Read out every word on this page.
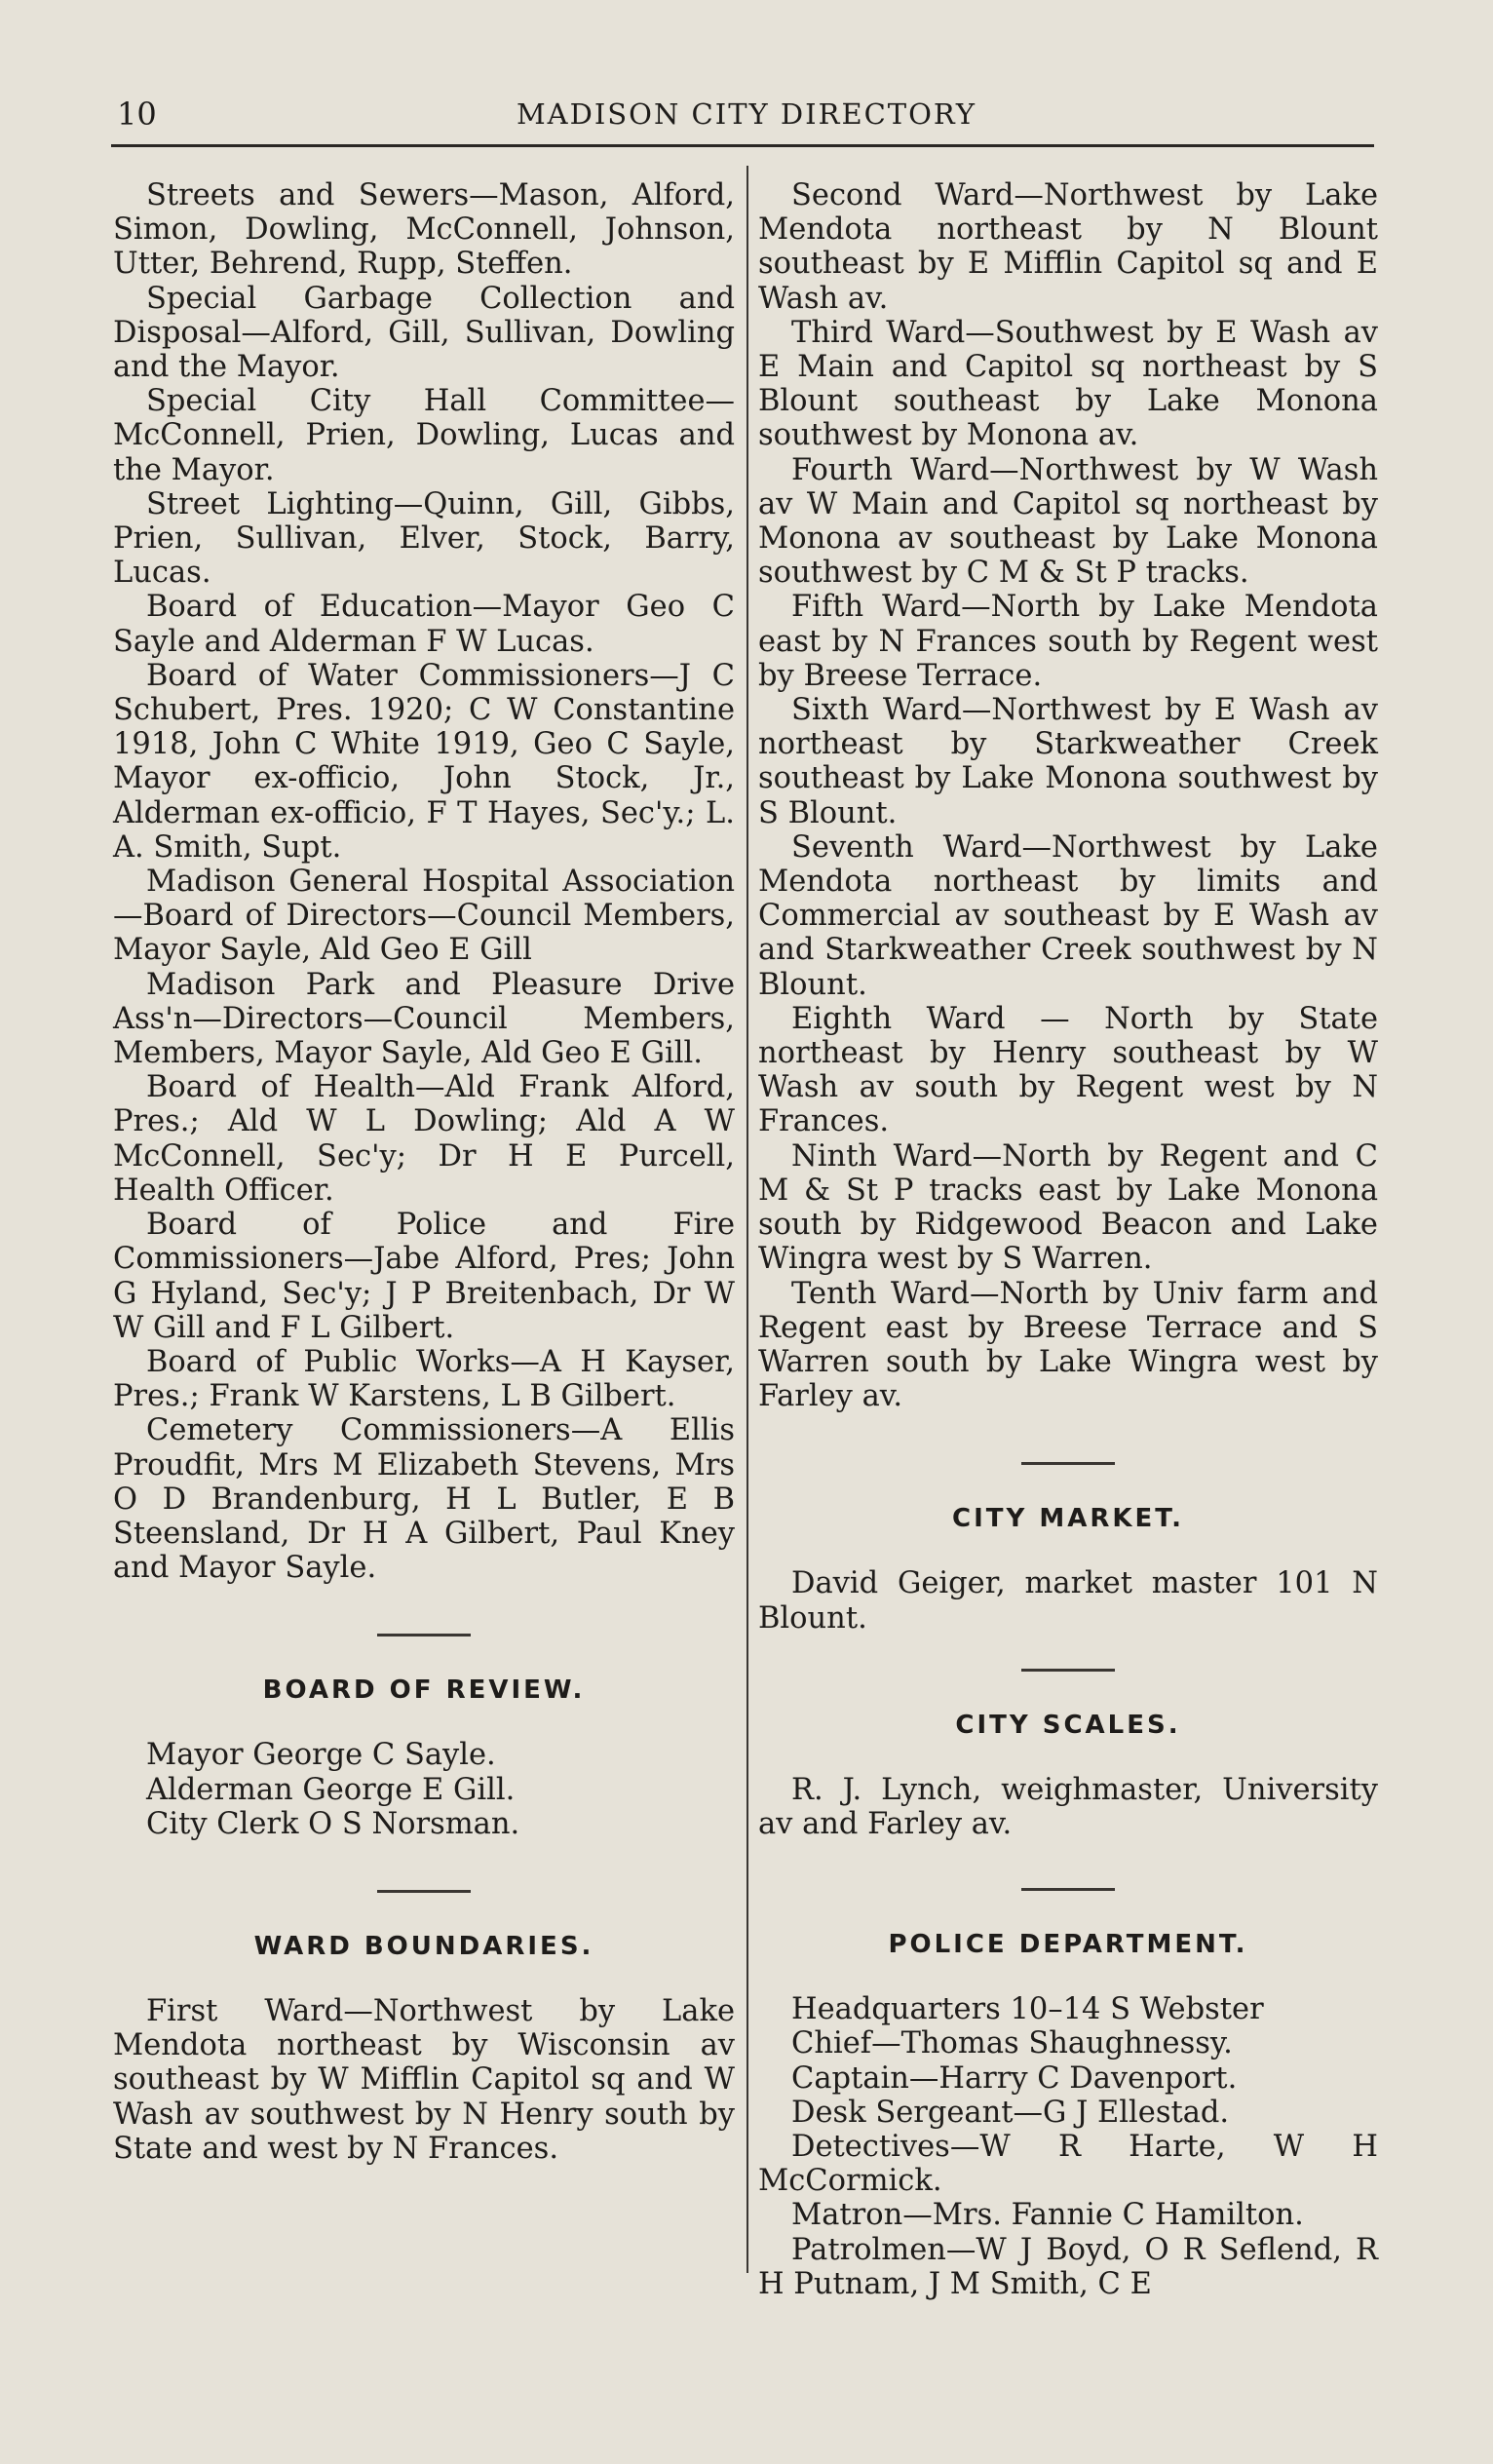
10	MADISON CITY DIRECTORY

Streets and Sewers—Mason, Alford, Simon, Dowling, McConnell, Johnson, Utter, Behrend, Rupp, Steffen.

Special Garbage Collection and Disposal—Alford, Gill, Sullivan, Dowling and the Mayor.

Special City Hall Committee—McConnell, Prien, Dowling, Lucas and the Mayor.

Street Lighting—Quinn, Gill, Gibbs, Prien, Sullivan, Elver, Stock, Barry, Lucas.

Board of Education—Mayor Geo C Sayle and Alderman F W Lucas.

Board of Water Commissioners—J C Schubert, Pres. 1920; C W Constantine 1918, John C White 1919, Geo C Sayle, Mayor ex-officio, John Stock, Jr., Alderman ex-officio, F T Hayes, Sec'y.; L. A. Smith, Supt.

Madison General Hospital Association—Board of Directors—Council Members, Mayor Sayle, Ald Geo E Gill

Madison Park and Pleasure Drive Ass'n—Directors—Council Members, Members, Mayor Sayle, Ald Geo E Gill.

Board of Health—Ald Frank Alford, Pres.; Ald W L Dowling; Ald A W McConnell, Sec'y; Dr H E Purcell, Health Officer.

Board of Police and Fire Commissioners—Jabe Alford, Pres; John G Hyland, Sec'y; J P Breitenbach, Dr W W Gill and F L Gilbert.

Board of Public Works—A H Kayser, Pres.; Frank W Karstens, L B Gilbert.

Cemetery Commissioners—A Ellis Proudfit, Mrs M Elizabeth Stevens, Mrs O D Brandenburg, H L Butler, E B Steensland, Dr H A Gilbert, Paul Kney and Mayor Sayle.

BOARD OF REVIEW.

Mayor George C Sayle.

Alderman George E Gill.

City Clerk O S Norsman.

WARD BOUNDARIES.

First Ward—Northwest by Lake Mendota northeast by Wisconsin av southeast by W Mifflin Capitol sq and W Wash av southwest by N Henry south by State and west by N Frances.

Second Ward—Northwest by Lake Mendota northeast by N Blount southeast by E Mifflin Capitol sq and E Wash av.

Third Ward—Southwest by E Wash av E Main and Capitol sq northeast by S Blount southeast by Lake Monona southwest by Monona av.

Fourth Ward—Northwest by W Wash av W Main and Capitol sq northeast by Monona av southeast by Lake Monona southwest by C M & St P tracks.

Fifth Ward—North by Lake Mendota east by N Frances south by Regent west by Breese Terrace.

Sixth Ward—Northwest by E Wash av northeast by Starkweather Creek southeast by Lake Monona southwest by S Blount.

Seventh Ward—Northwest by Lake Mendota northeast by limits and Commercial av southeast by E Wash av and Starkweather Creek southwest by N Blount.

Eighth Ward — North by State northeast by Henry southeast by W Wash av south by Regent west by N Frances.

Ninth Ward—North by Regent and C M & St P tracks east by Lake Monona south by Ridgewood Beacon and Lake Wingra west by S Warren.

Tenth Ward—North by Univ farm and Regent east by Breese Terrace and S Warren south by Lake Wingra west by Farley av.

CITY MARKET.

David Geiger, market master 101 N Blount.

CITY SCALES.

R. J. Lynch, weighmaster, University av and Farley av.

POLICE DEPARTMENT.

Headquarters 10–14 S Webster

Chief—Thomas Shaughnessy.

Captain—Harry C Davenport.

Desk Sergeant—G J Ellestad.

Detectives—W R Harte, W H McCormick.

Matron—Mrs. Fannie C Hamilton.

Patrolmen—W J Boyd, O R Seflend, R H Putnam, J M Smith, C E
